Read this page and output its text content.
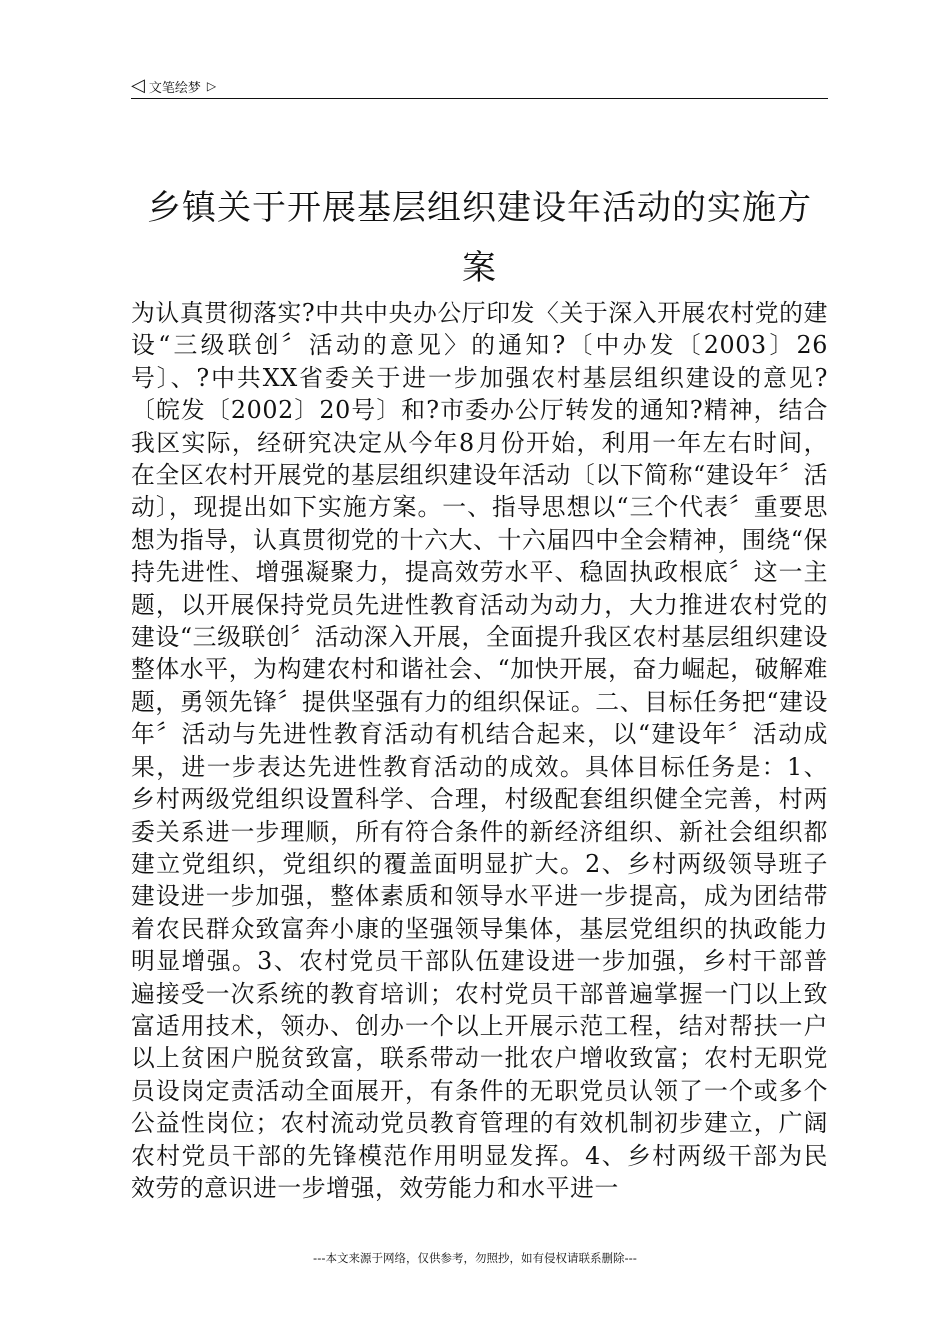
◁ 文笔绘梦 ▷
乡镇关于开展基层组织建设年活动的实施方案

为认真贯彻落实?中共中央办公厅印发〈关于深入开展农村党的建设“三级联创〞活动的意见〉的通知?〔中办发〔2003〕26号〕、?中共XX省委关于进一步加强农村基层组织建设的意见?〔皖发〔2002〕20号〕和?市委办公厅转发的通知?精神，结合我区实际，经研究决定从今年8月份开始，利用一年左右时间，在全区农村开展党的基层组织建设年活动〔以下简称“建设年〞活动〕，现提出如下实施方案。一、指导思想以“三个代表〞重要思想为指导，认真贯彻党的十六大、十六届四中全会精神，围绕“保持先进性、增强凝聚力，提高效劳水平、稳固执政根底〞这一主题，以开展保持党员先进性教育活动为动力，大力推进农村党的建设“三级联创〞活动深入开展，全面提升我区农村基层组织建设整体水平，为构建农村和谐社会、“加快开展，奋力崛起，破解难题，勇领先锋〞提供坚强有力的组织保证。二、目标任务把“建设年〞活动与先进性教育活动有机结合起来，以“建设年〞活动成果，进一步表达先进性教育活动的成效。具体目标任务是：1、乡村两级党组织设置科学、合理，村级配套组织健全完善，村两委关系进一步理顺，所有符合条件的新经济组织、新社会组织都建立党组织，党组织的覆盖面明显扩大。2、乡村两级领导班子建设进一步加强，整体素质和领导水平进一步提高，成为团结带着农民群众致富奔小康的坚强领导集体，基层党组织的执政能力明显增强。3、农村党员干部队伍建设进一步加强，乡村干部普遍接受一次系统的教育培训；农村党员干部普遍掌握一门以上致富适用技术，领办、创办一个以上开展示范工程，结对帮扶一户以上贫困户脱贫致富，联系带动一批农户增收致富；农村无职党员设岗定责活动全面展开，有条件的无职党员认领了一个或多个公益性岗位；农村流动党员教育管理的有效机制初步建立，广阔农村党员干部的先锋模范作用明显发挥。4、乡村两级干部为民效劳的意识进一步增强，效劳能力和水平进一

---本文来源于网络，仅供参考，勿照抄，如有侵权请联系删除---
